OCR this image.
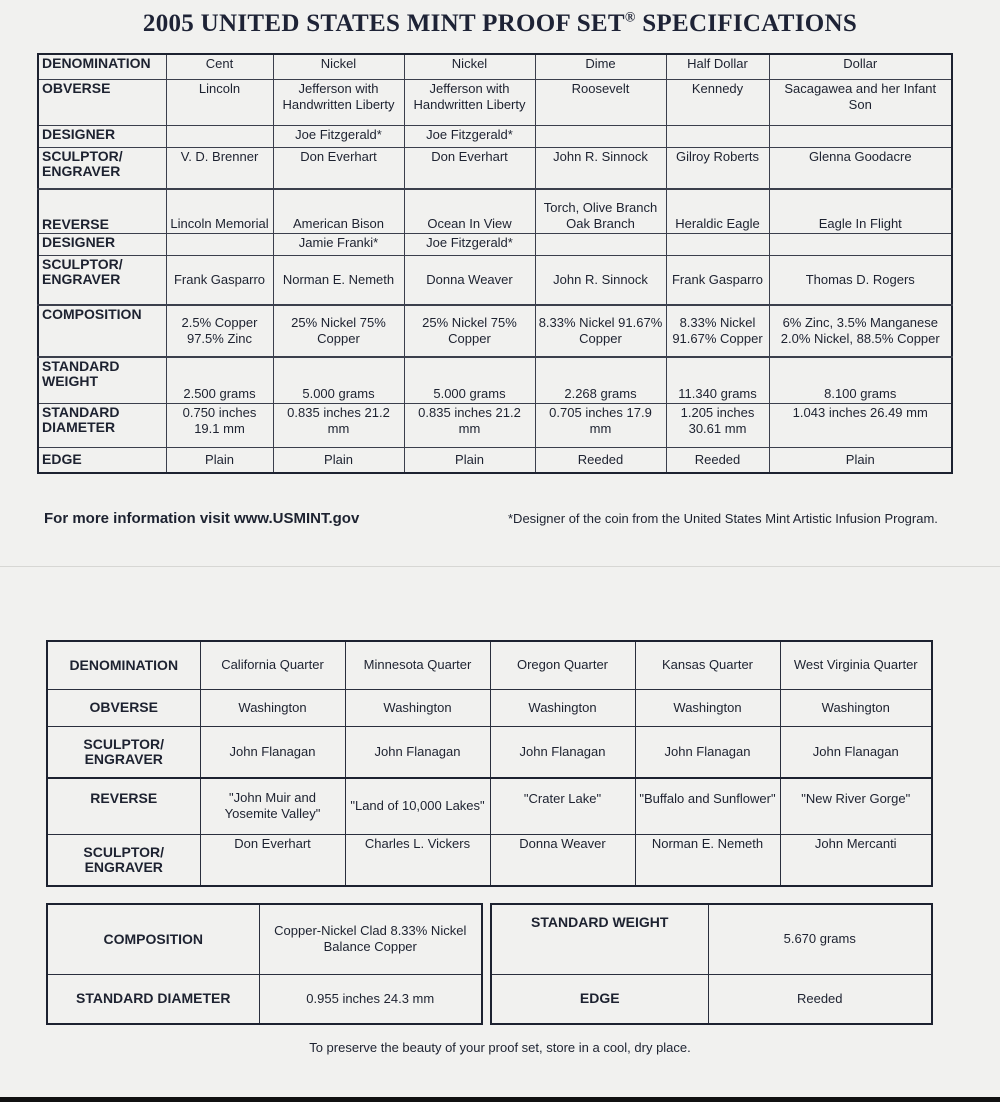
2005 UNITED STATES MINT PROOF SET® SPECIFICATIONS
DENOMINATION	Cent	Nickel	Nickel	Dime	Half Dollar	Dollar
OBVERSE	Lincoln	Jefferson with Handwritten Liberty	Jefferson with Handwritten Liberty	Roosevelt	Kennedy	Sacagawea and her Infant Son
DESIGNER		Joe Fitzgerald*	Joe Fitzgerald*			
SCULPTOR/ ENGRAVER	V. D. Brenner	Don Everhart	Don Everhart	John R. Sinnock	Gilroy Roberts	Glenna Goodacre
REVERSE	Lincoln Memorial	American Bison	Ocean In View	Torch, Olive Branch Oak Branch	Heraldic Eagle	Eagle In Flight
DESIGNER		Jamie Franki*	Joe Fitzgerald*			
SCULPTOR/ ENGRAVER	Frank Gasparro	Norman E. Nemeth	Donna Weaver	John R. Sinnock	Frank Gasparro	Thomas D. Rogers
COMPOSITION	2.5% Copper 97.5% Zinc	25% Nickel 75% Copper	25% Nickel 75% Copper	8.33% Nickel 91.67% Copper	8.33% Nickel 91.67% Copper	6% Zinc, 3.5% Manganese 2.0% Nickel, 88.5% Copper
STANDARD WEIGHT	2.500 grams	5.000 grams	5.000 grams	2.268 grams	11.340 grams	8.100 grams
STANDARD DIAMETER	0.750 inches 19.1 mm	0.835 inches 21.2 mm	0.835 inches 21.2 mm	0.705 inches 17.9 mm	1.205 inches 30.61 mm	1.043 inches 26.49 mm
EDGE	Plain	Plain	Plain	Reeded	Reeded	Plain
For more information visit www.USMINT.gov	*Designer of the coin from the United States Mint Artistic Infusion Program.
DENOMINATION	California Quarter	Minnesota Quarter	Oregon Quarter	Kansas Quarter	West Virginia Quarter
OBVERSE	Washington	Washington	Washington	Washington	Washington
SCULPTOR/ ENGRAVER	John Flanagan	John Flanagan	John Flanagan	John Flanagan	John Flanagan
REVERSE	"John Muir and Yosemite Valley"	"Land of 10,000 Lakes"	"Crater Lake"	"Buffalo and Sunflower"	"New River Gorge"
SCULPTOR/ ENGRAVER	Don Everhart	Charles L. Vickers	Donna Weaver	Norman E. Nemeth	John Mercanti
COMPOSITION	Copper-Nickel Clad 8.33% Nickel Balance Copper
STANDARD DIAMETER	0.955 inches 24.3 mm
STANDARD WEIGHT	5.670 grams
EDGE	Reeded
To preserve the beauty of your proof set, store in a cool, dry place.
